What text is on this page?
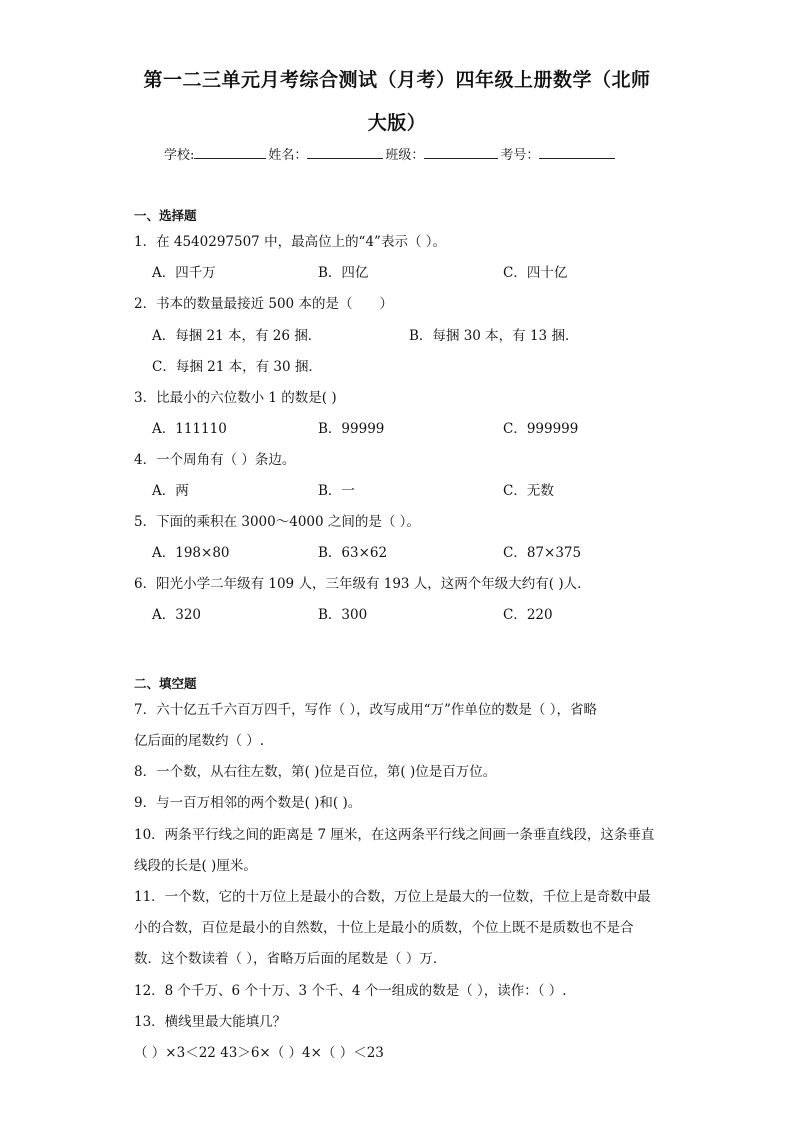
第一二三单元月考综合测试（月考）四年级上册数学（北师
大版）
学校:	姓名：	班级：	考号：
一、选择题
1．在 4540297507 中，最高位上的“4”表示（ ）。
A．四千万	B．四亿	C．四十亿
2．书本的数量最接近 500 本的是（　　）
A．每捆 21 本，有 26 捆．	B．每捆 30 本，有 13 捆．
C．每捆 21 本，有 30 捆．
3．比最小的六位数小 1 的数是( )
A．111110	B．99999	C．999999
4．一个周角有（ ）条边。
A．两	B．一	C．无数
5．下面的乘积在 3000～4000 之间的是（ ）。
A．198×80	B．63×62	C．87×375
6．阳光小学二年级有 109 人，三年级有 193 人，这两个年级大约有( )人．
A．320	B．300	C．220
二、填空题
7．六十亿五千六百万四千，写作（ ），改写成用“万”作单位的数是（ ），省略
亿后面的尾数约（ ）.
8．一个数，从右往左数，第( )位是百位，第( )位是百万位。
9．与一百万相邻的两个数是( )和( )。
10．两条平行线之间的距离是 7 厘米，在这两条平行线之间画一条垂直线段，这条垂直
线段的长是( )厘米。
11．一个数，它的十万位上是最小的合数，万位上是最大的一位数，千位上是奇数中最
小的合数，百位是最小的自然数，十位上是最小的质数，个位上既不是质数也不是合
数．这个数读着（ ），省略万后面的尾数是（ ）万．
12．8 个千万、6 个十万、3 个千、4 个一组成的数是（ ），读作：（ ）.
13．横线里最大能填几？
（ ）×3＜22 43＞6×（ ）4×（ ）＜23
